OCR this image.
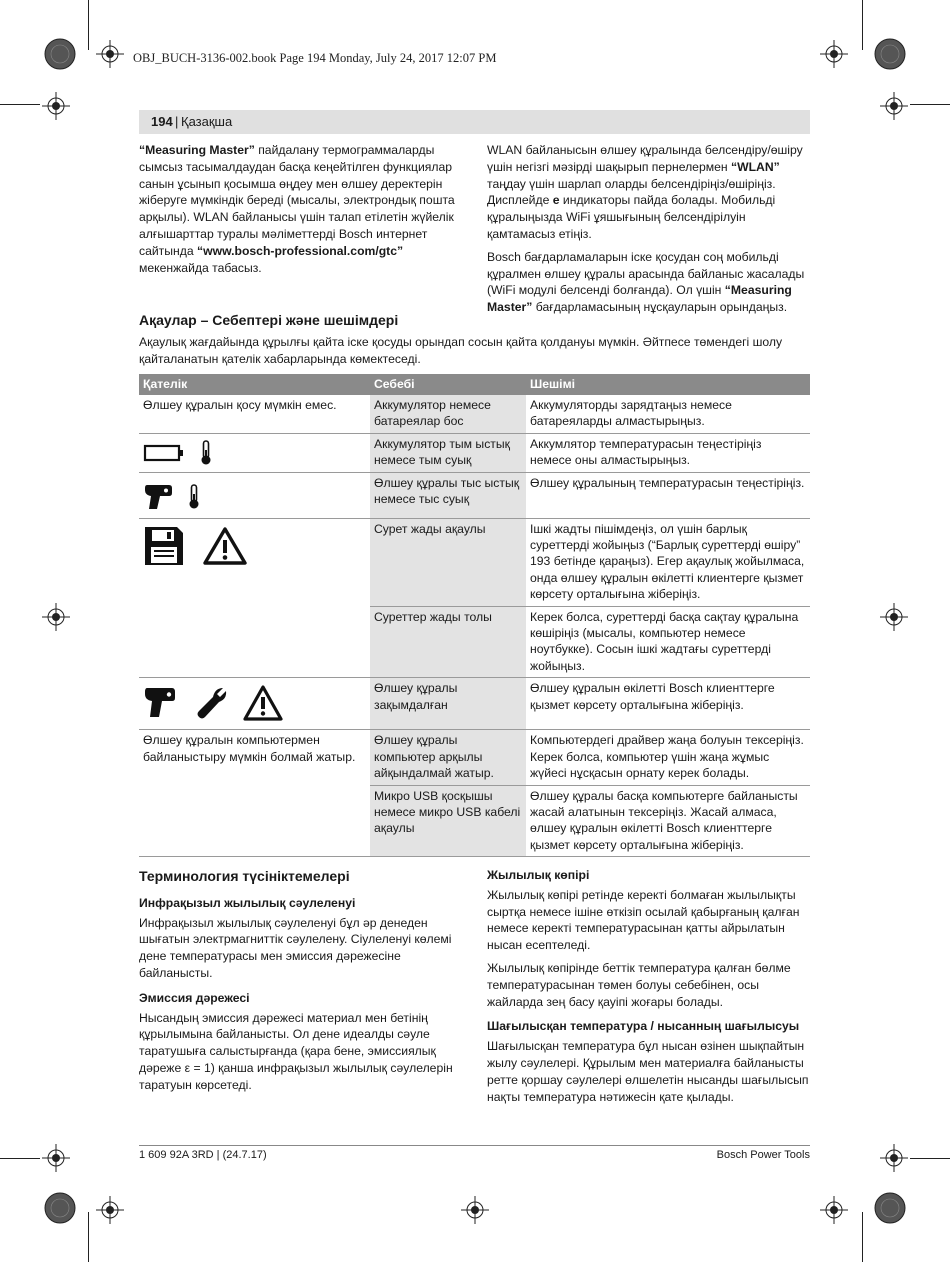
OBJ_BUCH-3136-002.book Page 194 Monday, July 24, 2017 12:07 PM
194 | Қазақша

“Measuring Master” пайдалану термограммаларды сымсыз тасымалдаудан басқа кеңейтілген функциялар санын ұсынып қосымша өңдеу мен өлшеу деректерін жіберуге мүмкіндік береді (мысалы, электрондық пошта арқылы). WLAN байланысы үшін талап етілетін жүйелік алғышарттар туралы мәліметтерді Bosch интернет сайтында “www.bosch-professional.com/gtc” мекенжайда табасыз.

WLAN байланысын өлшеу құралында белсендіру/өшіру үшін негізгі мәзірді шақырып пернелермен “WLAN” таңдау үшін шарлап оларды белсендіріңіз/өшіріңіз. Дисплейде e индикаторы пайда болады. Мобильді құралыңызда WiFi ұяшығының белсендірілуін қамтамасыз етіңіз.

Bosch бағдарламаларын іске қосудан соң мобильді құралмен өлшеу құралы арасында байланыс жасалады (WiFi модулі белсенді болғанда). Ол үшін “Measuring Master” бағдарламасының нұсқауларын орындаңыз.

Ақаулар – Себептері және шешімдері
Ақаулық жағдайында құрылғы қайта іске қосуды орындап сосын қайта қолдануы мүмкін. Әйтпесе төмендегі шолу қайталанатын қателік хабарларында көмектеседі.
Қателік	Себебі	Шешімі
Өлшеу құралын қосу мүмкін емес.	Аккумулятор немесе батареялар бос	Аккумуляторды зарядтаңыз немесе батареяларды алмастырыңыз.

	Аккумулятор тым ыстық немесе тым суық	Аккумлятор температурасын теңестіріңіз немесе оны алмастырыңыз.

	Өлшеу құралы тыс ыстық немесе тыс суық	Өлшеу құралының температурасын теңестіріңіз.

	Сурет жады ақаулы	Ішкі жадты пішімдеңіз, ол үшін барлық суреттерді жойыңыз (“Барлық суреттерді өшіру” 193 бетінде қараңыз). Егер ақаулық жойылмаса, онда өлшеу құралын өкілетті клиентерге қызмет көрсету орталығына жіберіңіз.
	Суреттер жады толы	Керек болса, суреттерді басқа сақтау құралына көшіріңіз (мысалы, компьютер немесе ноутбукке). Сосын ішкі жадтағы суреттерді жойыңыз.

	Өлшеу құралы зақымдалған	Өлшеу құралын өкілетті Bosch клиенттерге қызмет көрсету орталығына жіберіңіз.
Өлшеу құралын компьютермен байланыстыру мүмкін болмай жатыр.	Өлшеу құралы компьютер арқылы айқындалмай жатыр.	Компьютердегі драйвер жаңа болуын тексеріңіз. Керек болса, компьютер үшін жаңа жұмыс жүйесі нұсқасын орнату керек болады.
	Микро USB қосқышы немесе микро USB кабелі ақаулы	Өлшеу құралы басқа компьютерге байланысты жасай алатынын тексеріңіз. Жасай алмаса, өлшеу құралын өкілетті Bosch клиенттерге қызмет көрсету орталығына жіберіңіз.
Терминология түсініктемелері
Инфрақызыл жылылық сәулеленуі

Инфрақызыл жылылық сәулеленуі бұл әр денеден шығатын электрмагниттік сәулелену. Сіулеленуі көлемі дене температурасы мен эмиссия дәрежесіне байланысты.

Эмиссия дәрежесі

Нысандың эмиссия дәрежесі материал мен бетінің құрылымына байланысты. Ол дене идеалды сәуле таратушыға салыстырғанда (қара бене, эмиссиялық дәреже ε = 1) қанша инфрақызыл жылылық сәулелерін таратуын көрсетеді.

Жылылық көпірі

Жылылық көпірі ретінде керекті болмаған жылылықты сыртқа немесе ішіне өткізіп осылай қабырғаның қалған немесе керекті температурасынан қатты айрылатын нысан есептеледі.

Жылылық көпірінде беттік температура қалған бөлме температурасынан төмен болуы себебінен, осы жайларда зең басу қауіпі жоғары болады.

Шағылысқан температура / нысанның шағылысуы

Шағылысқан температура бұл нысан өзінен шықпайтын жылу сәулелері. Құрылым мен материалға байланысты ретте қоршау сәулелері өлшелетін нысанды шағылысып нақты температура нәтижесін қате қылады.

1 609 92A 3RD | (24.7.17)	Bosch Power Tools
